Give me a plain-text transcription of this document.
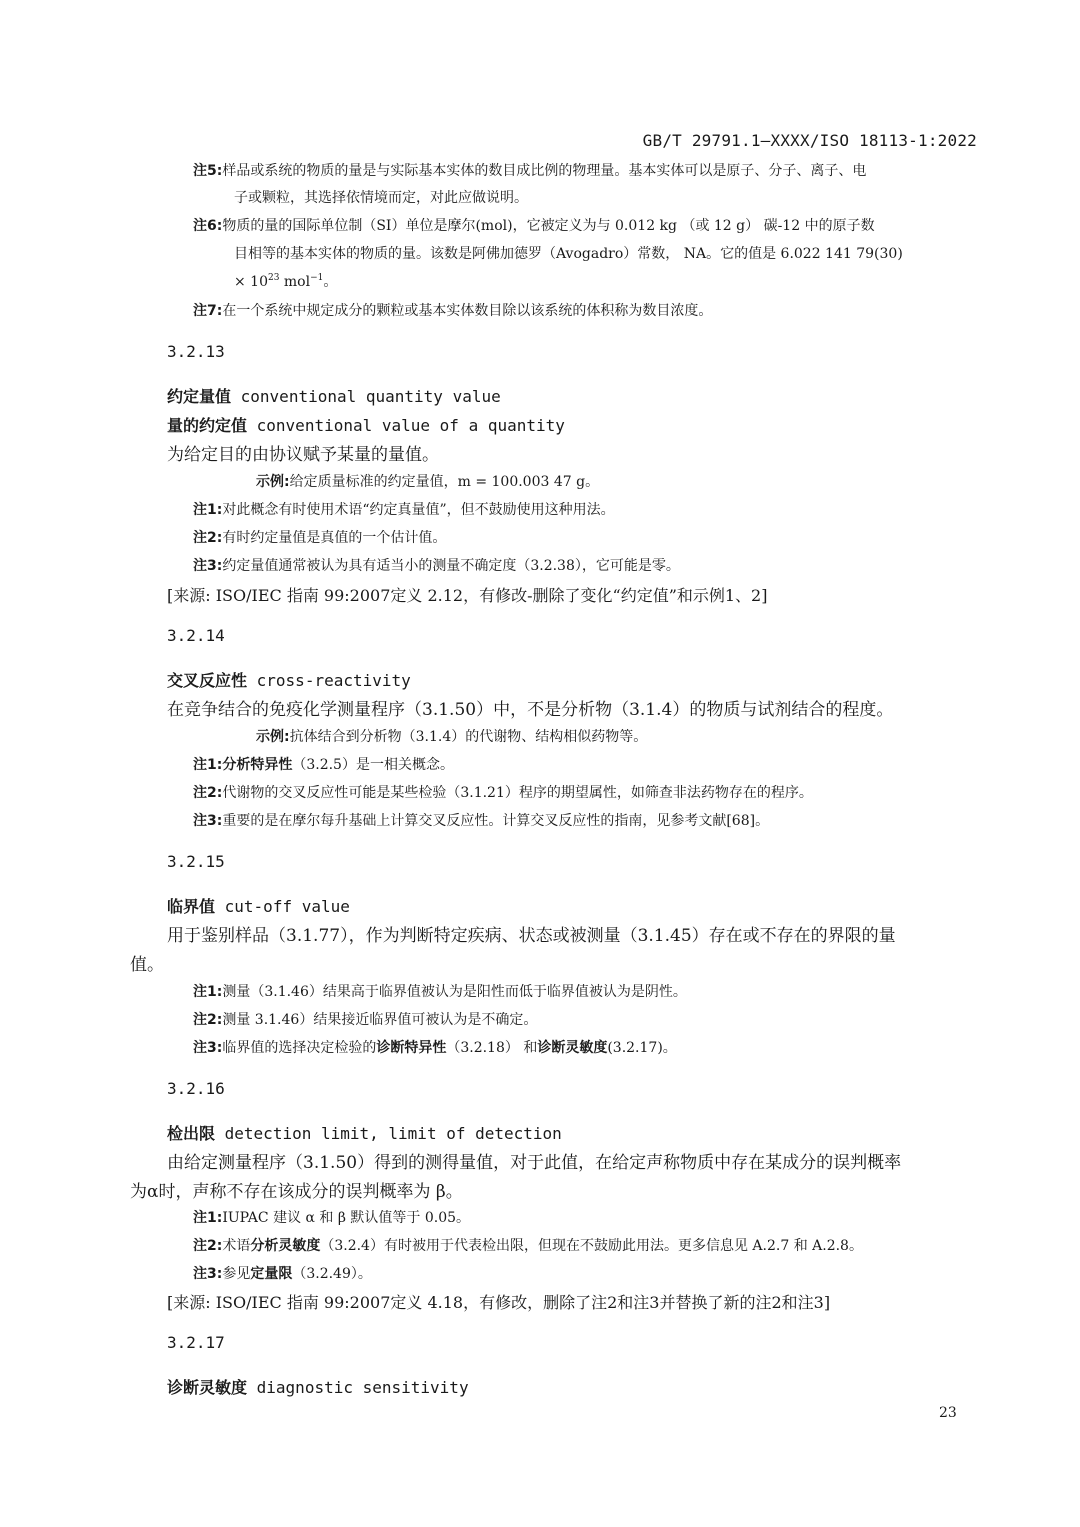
GB/T 29791.1—XXXX/ISO 18113-1:2022
注5:样品或系统的物质的量是与实际基本实体的数目成比例的物理量。基本实体可以是原子、分子、离子、电
子或颗粒，其选择依情境而定，对此应做说明。
注6:物质的量的国际单位制（SI）单位是摩尔(mol)，它被定义为与 0.012 kg （或 12 g） 碳-12 中的原子数
目相等的基本实体的物质的量。该数是阿佛加德罗（Avogadro）常数， NA。它的值是 6.022 141 79(30)
× $10^{23}$ mol$^{-1}$。
注7:在一个系统中规定成分的颗粒或基本实体数目除以该系统的体积称为数目浓度。
3.2.13
约定量值 conventional quantity value
量的约定值 conventional value of a quantity
为给定目的由协议赋予某量的量值。
示例:给定质量标准的约定量值，m = 100.003 47 g。
注1:对此概念有时使用术语“约定真量值”，但不鼓励使用这种用法。
注2:有时约定量值是真值的一个估计值。
注3:约定量值通常被认为具有适当小的测量不确定度（3.2.38），它可能是零。
[来源: ISO/IEC 指南 99:2007定义 2.12，有修改-删除了变化“约定值”和示例1、2]
3.2.14
交叉反应性 cross-reactivity
在竞争结合的免疫化学测量程序（3.1.50）中，不是分析物（3.1.4）的物质与试剂结合的程度。
示例:抗体结合到分析物（3.1.4）的代谢物、结构相似药物等。
注1:分析特异性（3.2.5）是一相关概念。
注2:代谢物的交叉反应性可能是某些检验（3.1.21）程序的期望属性，如筛查非法药物存在的程序。
注3:重要的是在摩尔每升基础上计算交叉反应性。计算交叉反应性的指南，见参考文献[68]。
3.2.15
临界值 cut-off value
用于鉴别样品（3.1.77），作为判断特定疾病、状态或被测量（3.1.45）存在或不存在的界限的量
值。
注1:测量（3.1.46）结果高于临界值被认为是阳性而低于临界值被认为是阴性。
注2:测量 3.1.46）结果接近临界值可被认为是不确定。
注3:临界值的选择决定检验的诊断特异性（3.2.18） 和诊断灵敏度(3.2.17)。
3.2.16
检出限 detection limit, limit of detection
由给定测量程序（3.1.50）得到的测得量值，对于此值，在给定声称物质中存在某成分的误判概率
为α时，声称不存在该成分的误判概率为 β。
注1:IUPAC 建议 α 和 β 默认值等于 0.05。
注2:术语分析灵敏度（3.2.4）有时被用于代表检出限，但现在不鼓励此用法。更多信息见 A.2.7 和 A.2.8。
注3:参见定量限（3.2.49）。
[来源: ISO/IEC 指南 99:2007定义 4.18，有修改，删除了注2和注3并替换了新的注2和注3]
3.2.17
诊断灵敏度 diagnostic sensitivity
23
